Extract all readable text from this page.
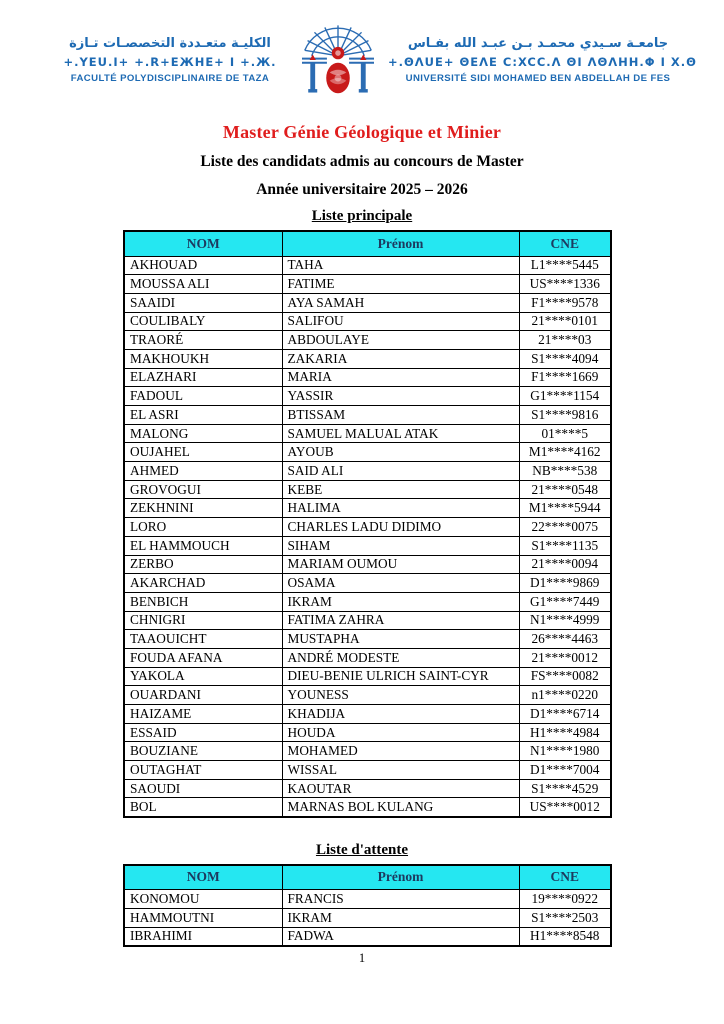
الكليـة متعـددة التخصصـات تـازة
+.YEU.I+ +.R+EЖHE+ I +.Ж.
FACULTÉ POLYDISCIPLINAIRE DE TAZA
جامعـة سـيدي محمـد بـن عبـد الله بفـاس
+.ΘΛUE+ ΘEΛE C:XCC.Λ ΘI ΛΘΛHH.Φ I X.Θ
UNIVERSITÉ SIDI MOHAMED BEN ABDELLAH DE FES
Master Génie Géologique et Minier
Liste des candidats admis au concours de Master
Année universitaire 2025 – 2026
Liste principale
NOM	Prénom	CNE
AKHOUAD	TAHA	L1****5445
MOUSSA ALI	FATIME	US****1336
SAAIDI	AYA SAMAH	F1****9578
COULIBALY	SALIFOU	21****0101
TRAORÉ	ABDOULAYE	21****03
MAKHOUKH	ZAKARIA	S1****4094
ELAZHARI	MARIA	F1****1669
FADOUL	YASSIR	G1****1154
EL ASRI	BTISSAM	S1****9816
MALONG	SAMUEL MALUAL ATAK	01****5
OUJAHEL	AYOUB	M1****4162
AHMED	SAID ALI	NB****538
GROVOGUI	KEBE	21****0548
ZEKHNINI	HALIMA	M1****5944
LORO	CHARLES LADU DIDIMO	22****0075
EL HAMMOUCH	SIHAM	S1****1135
ZERBO	MARIAM OUMOU	21****0094
AKARCHAD	OSAMA	D1****9869
BENBICH	IKRAM	G1****7449
CHNIGRI	FATIMA ZAHRA	N1****4999
TAAOUICHT	MUSTAPHA	26****4463
FOUDA AFANA	ANDRÉ MODESTE	21****0012
YAKOLA	DIEU-BENIE ULRICH SAINT-CYR	FS****0082
OUARDANI	YOUNESS	n1****0220
HAIZAME	KHADIJA	D1****6714
ESSAID	HOUDA	H1****4984
BOUZIANE	MOHAMED	N1****1980
OUTAGHAT	WISSAL	D1****7004
SAOUDI	KAOUTAR	S1****4529
BOL	MARNAS BOL KULANG	US****0012
Liste d'attente
NOM	Prénom	CNE
KONOMOU	FRANCIS	19****0922
HAMMOUTNI	IKRAM	S1****2503
IBRAHIMI	FADWA	H1****8548
1
